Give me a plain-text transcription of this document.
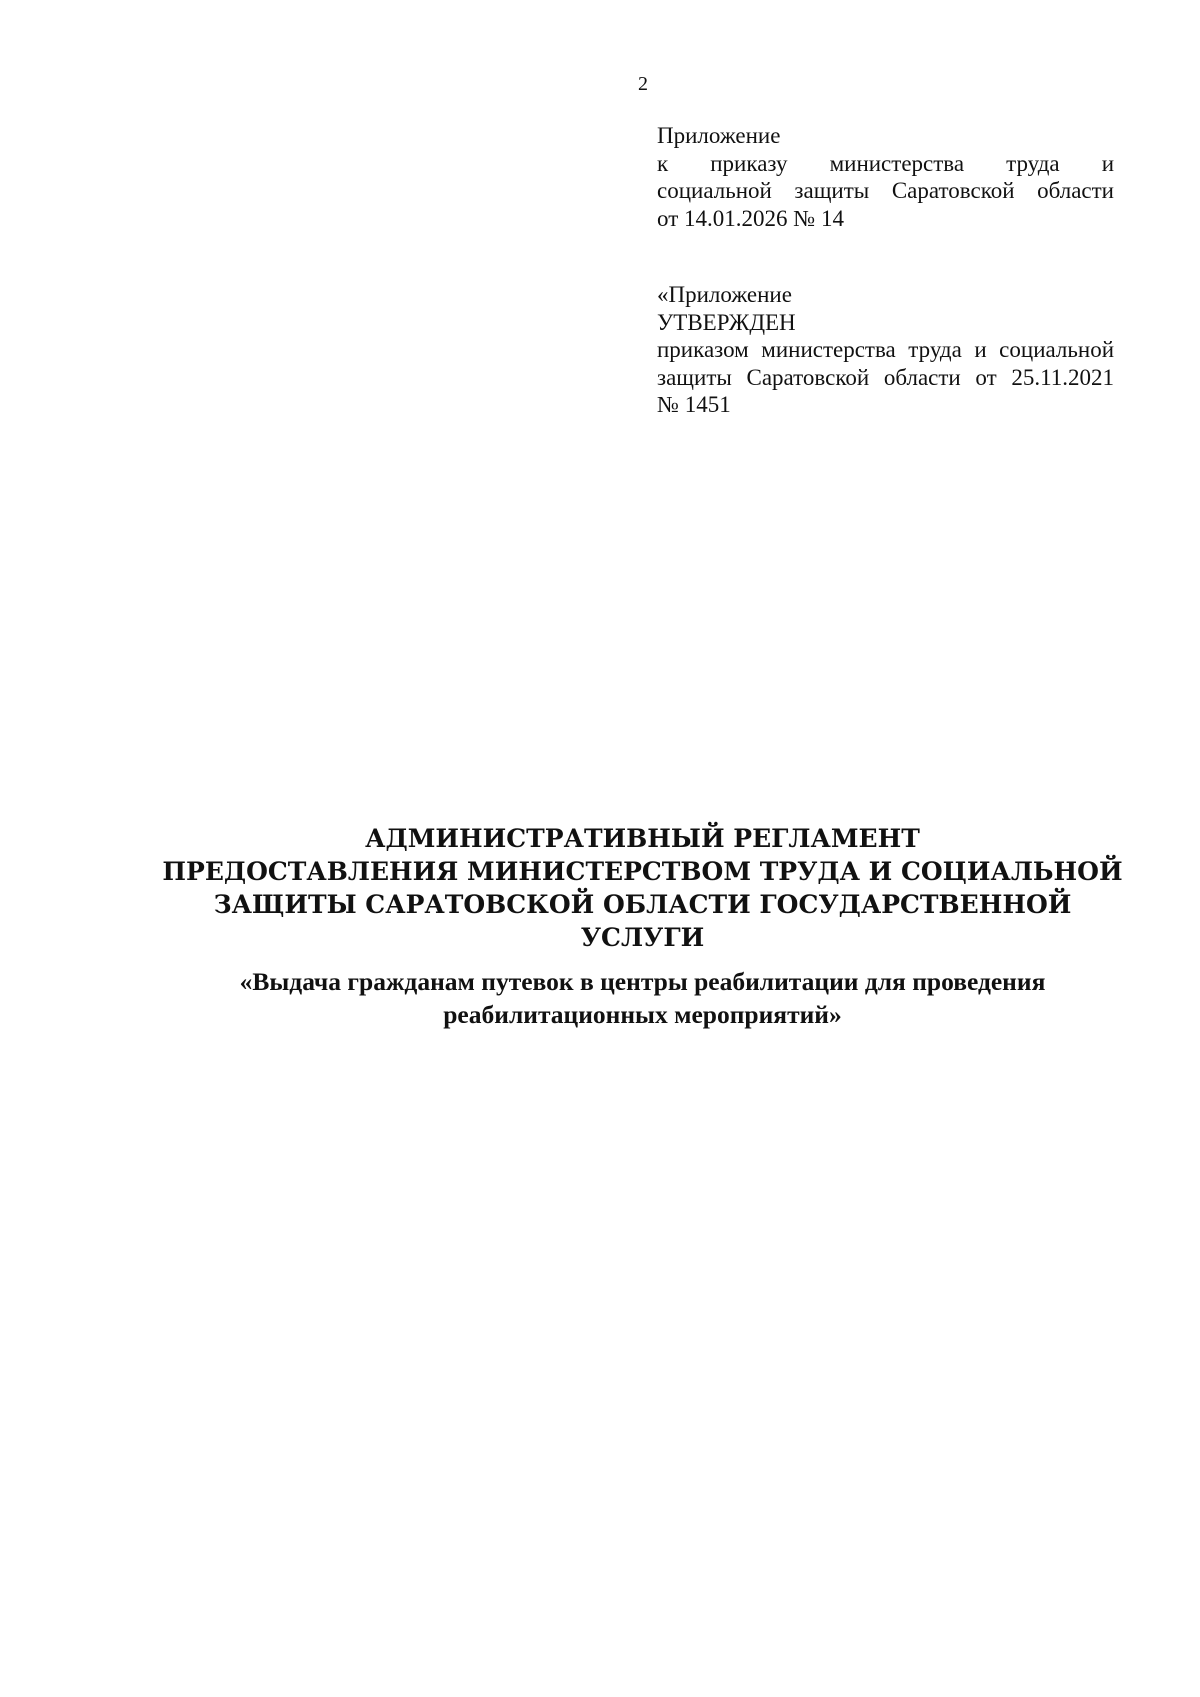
2
Приложение
к приказу министерства труда и
социальной защиты Саратовской области
от 14.01.2026 № 14
«Приложение
УТВЕРЖДЕН
приказом министерства труда и социальной
защиты Саратовской области от 25.11.2021
№ 1451
АДМИНИСТРАТИВНЫЙ РЕГЛАМЕНТ
ПРЕДОСТАВЛЕНИЯ МИНИСТЕРСТВОМ ТРУДА И СОЦИАЛЬНОЙ
ЗАЩИТЫ САРАТОВСКОЙ ОБЛАСТИ ГОСУДАРСТВЕННОЙ
УСЛУГИ
«Выдача гражданам путевок в центры реабилитации для проведения
реабилитационных мероприятий»
